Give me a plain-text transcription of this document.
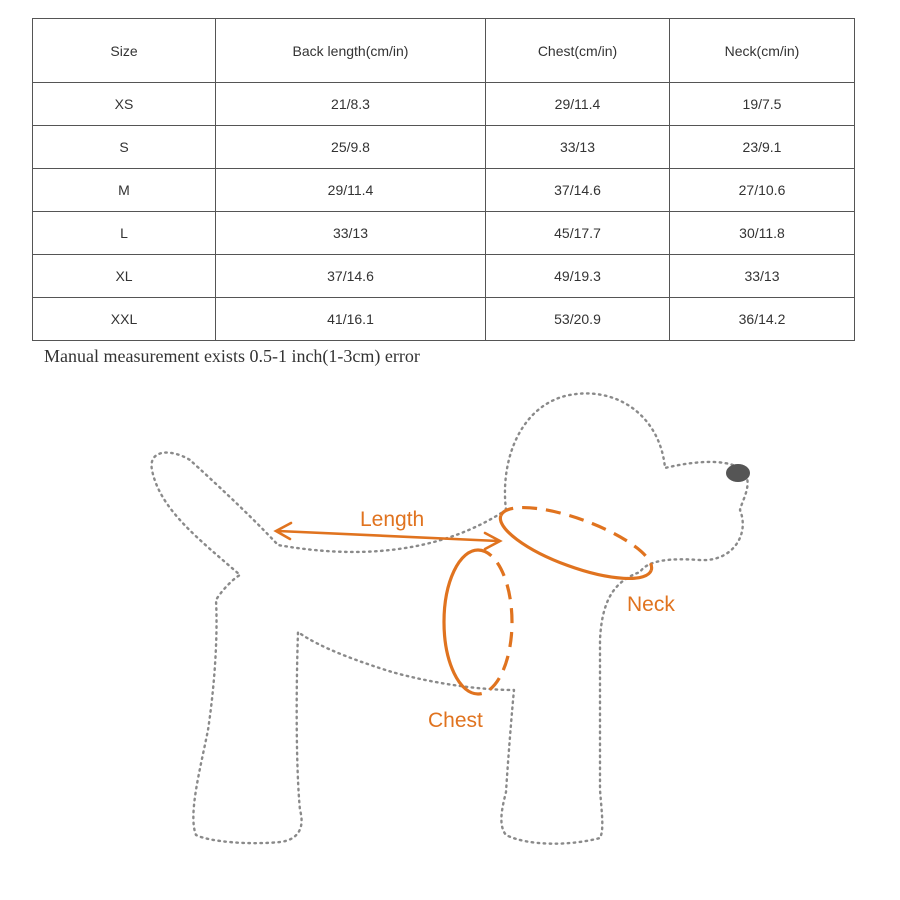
Size	Back length(cm/in)	Chest(cm/in)	Neck(cm/in)
XS	21/8.3	29/11.4	19/7.5
S	25/9.8	33/13	23/9.1
M	29/11.4	37/14.6	27/10.6
L	33/13	45/17.7	30/11.8
XL	37/14.6	49/19.3	33/13
XXL	41/16.1	53/20.9	36/14.2
Manual measurement exists 0.5-1 inch(1-3cm) error
Length
Neck
Chest
